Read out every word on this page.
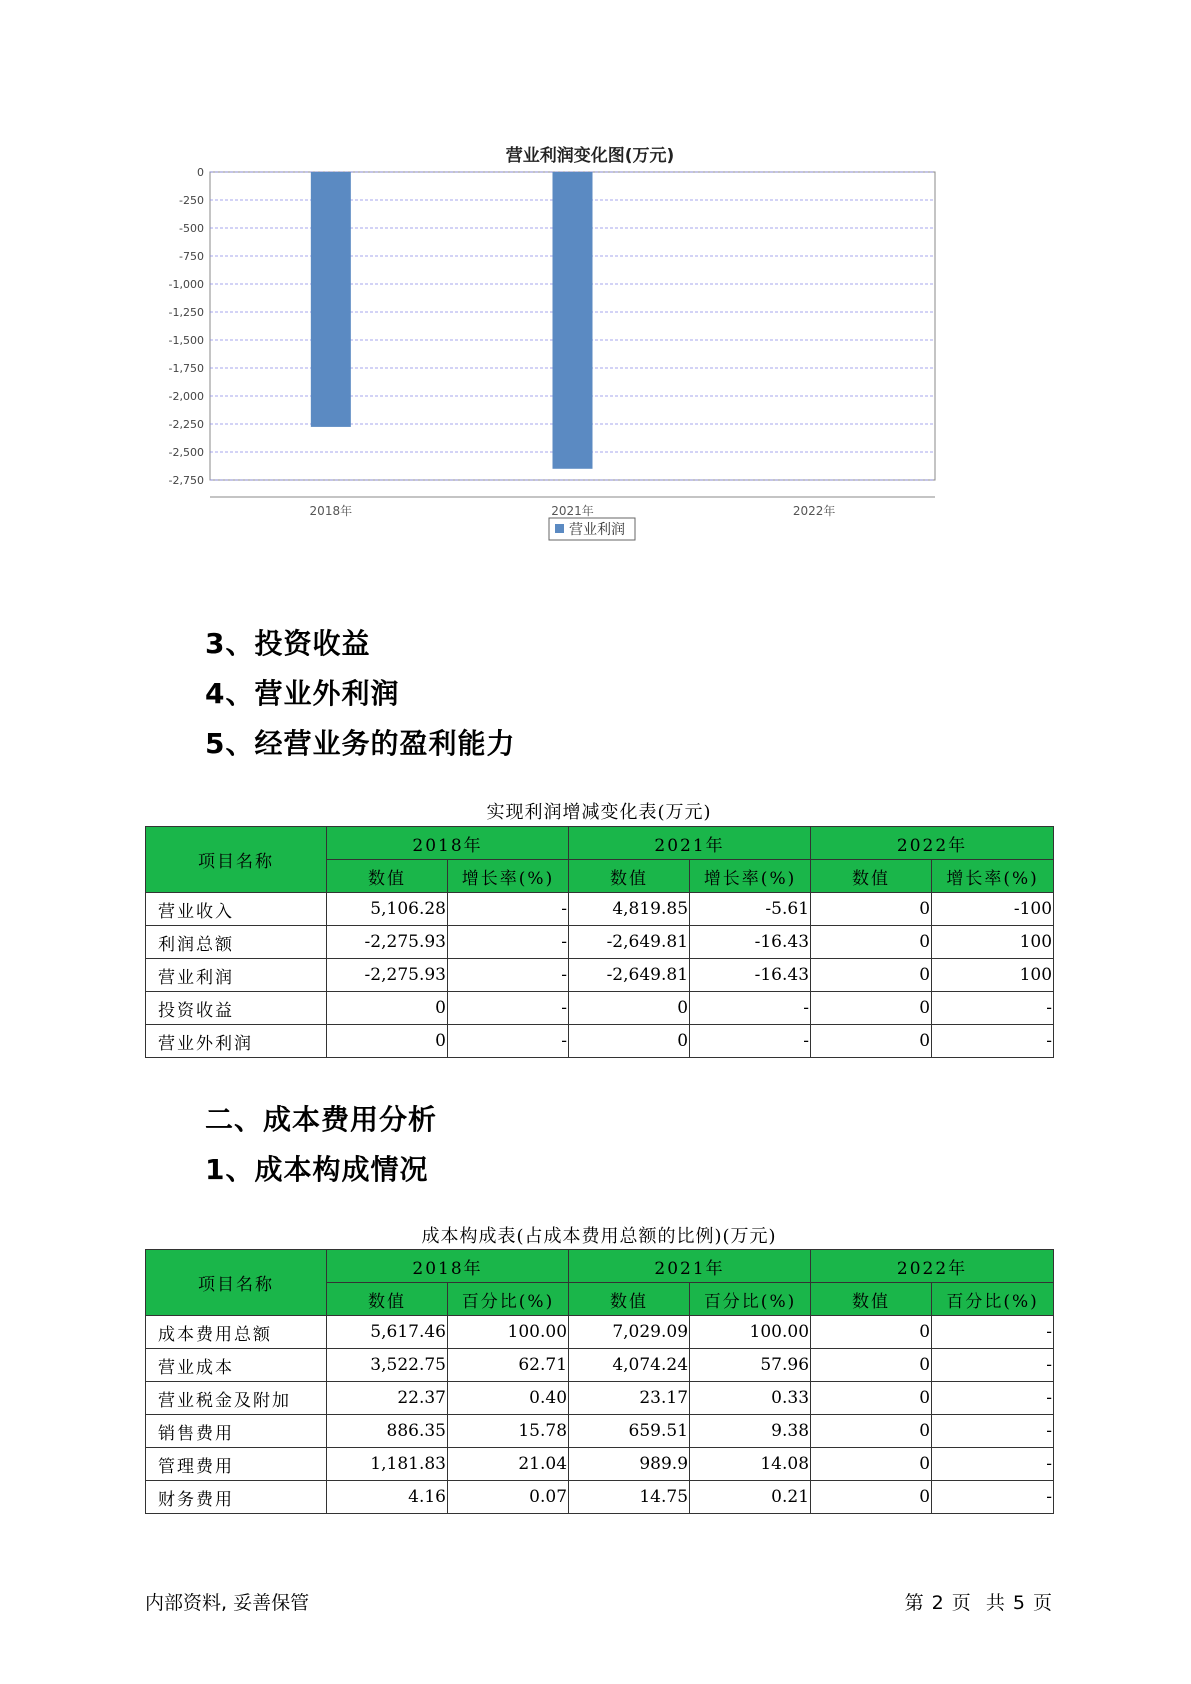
营业利润变化图(万元)
0
-250
-500
-750
-1,000
-1,250
-1,500
-1,750
-2,000
-2,250
-2,500
-2,750
2018年	2021年	2022年
营业利润
3、投资收益
4、营业外利润
5、经营业务的盈利能力
实现利润增减变化表(万元)
项目名称	2018年		2021年		2022年	
	数值	增长率(%)	数值	增长率(%)	数值	增长率(%)
营业收入	5,106.28	-	4,819.85	-5.61	0	-100
利润总额	-2,275.93	-	-2,649.81	-16.43	0	100
营业利润	-2,275.93	-	-2,649.81	-16.43	0	100
投资收益	0	-	0	-	0	-
营业外利润	0	-	0	-	0	-
二、成本费用分析
1、成本构成情况
成本构成表(占成本费用总额的比例)(万元)
项目名称	2018年		2021年		2022年	
	数值	百分比(%)	数值	百分比(%)	数值	百分比(%)
成本费用总额	5,617.46	100.00	7,029.09	100.00	0	-
营业成本	3,522.75	62.71	4,074.24	57.96	0	-
营业税金及附加	22.37	0.40	23.17	0.33	0	-
销售费用	886.35	15.78	659.51	9.38	0	-
管理费用	1,181.83	21.04	989.9	14.08	0	-
财务费用	4.16	0.07	14.75	0.21	0	-
内部资料, 妥善保管	第 2 页  共 5 页
